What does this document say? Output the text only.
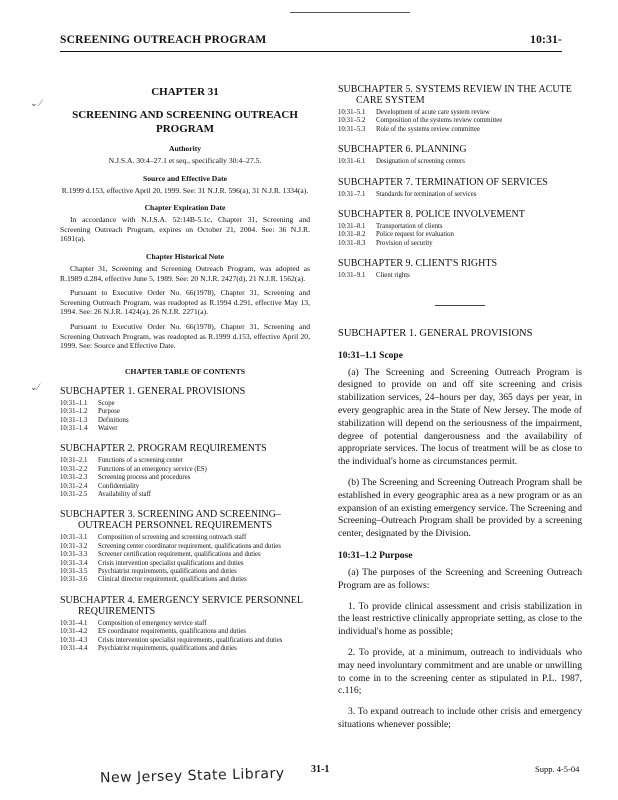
SCREENING OUTREACH PROGRAM	10:31-
⌄ ⁄
⌄⁄
CHAPTER 31
SCREENING AND SCREENING OUTREACH PROGRAM
Authority

N.J.S.A. 30:4–27.1 et seq., specifically 30:4–27.5.

Source and Effective Date

R.1999 d.153, effective April 20, 1999. See: 31 N.J.R. 596(a), 31 N.J.R. 1334(a).

Chapter Expiration Date

In accordance with N.J.S.A. 52:14B-5.1c, Chapter 31, Screening and Screening Outreach Program, expires on October 21, 2004. See: 36 N.J.R. 1691(a).

Chapter Historical Note

Chapter 31, Screening and Screening Outreach Program, was adopted as R.1989 d.284, effective June 5, 1989. See: 20 N.J.R. 2427(d), 21 N.J.R. 1562(a).

Pursuant to Executive Order No. 66(1978), Chapter 31, Screening and Screening Outreach Program, was readopted as R.1994 d.291, effective May 13, 1994. See: 26 N.J.R. 1424(a), 26 N.J.R. 2271(a).

Pursuant to Executive Order No. 66(1978), Chapter 31, Screening and Screening Outreach Program, was readopted as R.1999 d.153, effective April 20, 1999. See: Source and Effective Date.

CHAPTER TABLE OF CONTENTS
SUBCHAPTER 1. GENERAL PROVISIONS
10:31–1.1	Scope
10:31–1.2	Purpose
10:31–1.3	Definitions
10:31–1.4	Waiver
SUBCHAPTER 2. PROGRAM REQUIREMENTS
10:31–2.1	Functions of a screening center
10:31–2.2	Functions of an emergency service (ES)
10:31–2.3	Screening process and procedures
10:31–2.4	Confidentiality
10:31–2.5	Availability of staff
SUBCHAPTER 3. SCREENING AND SCREENING–
OUTREACH PERSONNEL REQUIREMENTS
10:31–3.1	Composition of screening and screening outreach staff
10:31–3.2	Screening center coordinator requirement, qualifications and duties
10:31–3.3	Screener certification requirement, qualifications and duties
10:31–3.4	Crisis intervention specialist qualifications and duties
10:31–3.5	Psychiatrist requirements, qualifications and duties
10:31–3.6	Clinical director requirement, qualifications and duties
SUBCHAPTER 4. EMERGENCY SERVICE PERSONNEL
REQUIREMENTS
10:31–4.1	Composition of emergency service staff
10:31–4.2	ES coordinator requirements, qualifications and duties
10:31–4.3	Crisis intervention specialist requirements, qualifications and duties
10:31–4.4	Psychiatrist requirements, qualifications and duties
SUBCHAPTER 5. SYSTEMS REVIEW IN THE ACUTE
CARE SYSTEM
10:31–5.1	Development of acute care system review
10:31–5.2	Composition of the systems review committee
10:31–5.3	Role of the systems review committee
SUBCHAPTER 6. PLANNING
10:31–6.1	Designation of screening centers
SUBCHAPTER 7. TERMINATION OF SERVICES
10:31–7.1	Standards for termination of services
SUBCHAPTER 8. POLICE INVOLVEMENT
10:31–8.1	Transportation of clients
10:31–8.2	Police request for evaluation
10:31–8.3	Provision of security
SUBCHAPTER 9. CLIENT'S RIGHTS
10:31–9.1	Client rights
SUBCHAPTER 1. GENERAL PROVISIONS
10:31–1.1 Scope

(a) The Screening and Screening Outreach Program is designed to provide on and off site screening and crisis stabilization services, 24–hours per day, 365 days per year, in every geographic area in the State of New Jersey. The mode of stabilization will depend on the seriousness of the impairment, degree of potential dangerousness and the availability of appropriate services. The locus of treatment will be as close to the individual's home as circumstances permit.

(b) The Screening and Screening Outreach Program shall be established in every geographic area as a new program or as an expansion of an existing emergency service. The Screening and Screening–Outreach Program shall be provided by a screening center, designated by the Division.

10:31–1.2 Purpose

(a) The purposes of the Screening and Screening Outreach Program are as follows:

1. To provide clinical assessment and crisis stabilization in the least restrictive clinically appropriate setting, as close to the individual's home as possible;

2. To provide, at a minimum, outreach to individuals who may need involuntary commitment and are unable or unwilling to come in to the screening center as stipulated in P.L. 1987, c.116;

3. To expand outreach to include other crisis and emergency situations whenever possible;

New Jersey State Library	31-1	Supp. 4-5-04
